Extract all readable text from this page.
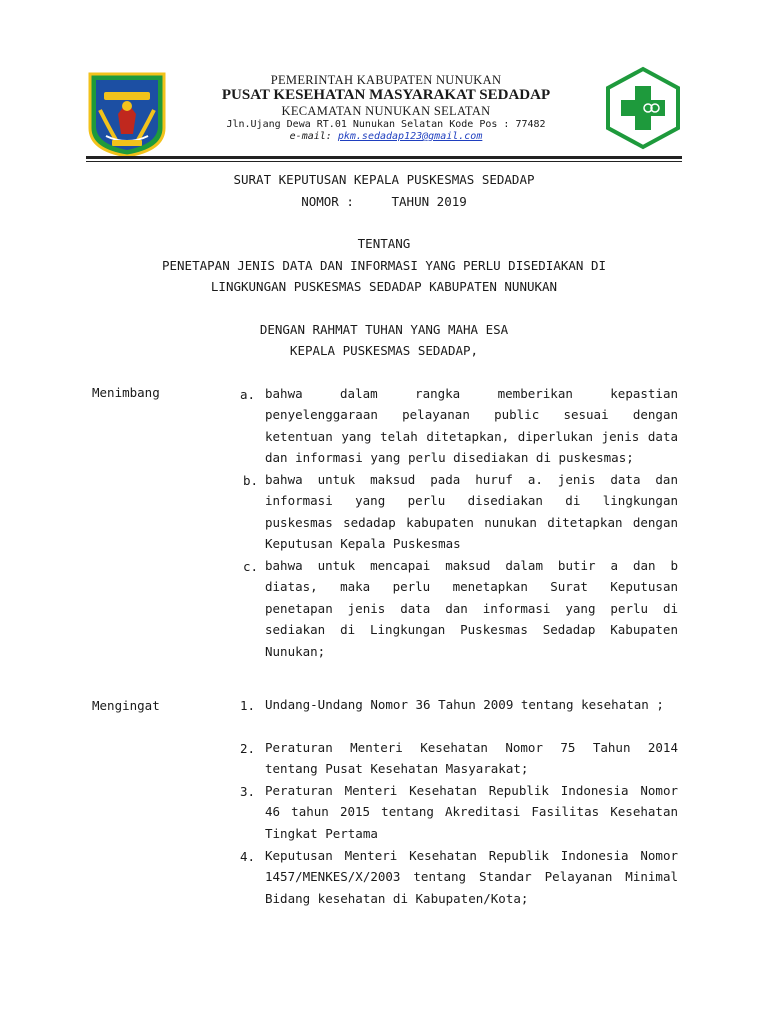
PEMERINTAH KABUPATEN NUNUKAN
PUSAT KESEHATAN MASYARAKAT SEDADAP
KECAMATAN NUNUKAN SELATAN
Jln.Ujang Dewa RT.01 Nunukan Selatan Kode Pos : 77482
e-mail: pkm.sedadap123@gmail.com
SURAT KEPUTUSAN KEPALA PUSKESMAS SEDADAP
NOMOR :     TAHUN 2019
TENTANG
PENETAPAN JENIS DATA DAN INFORMASI YANG PERLU DISEDIAKAN DI
LINGKUNGAN PUSKESMAS SEDADAP KABUPATEN NUNUKAN
DENGAN RAHMAT TUHAN YANG MAHA ESA
KEPALA PUSKESMAS SEDADAP,
Menimbang	a. bahwa dalam rangka memberikan kepastian penyelenggaraan pelayanan public sesuai dengan ketentuan yang telah ditetapkan, diperlukan jenis data dan informasi yang perlu disediakan di puskesmas;
b. bahwa untuk maksud pada huruf a. jenis data dan informasi yang perlu disediakan di lingkungan puskesmas sedadap kabupaten nunukan ditetapkan dengan Keputusan Kepala Puskesmas
c. bahwa untuk mencapai maksud dalam butir a dan b diatas, maka perlu menetapkan Surat Keputusan penetapan jenis data dan informasi yang perlu di sediakan di Lingkungan Puskesmas Sedadap Kabupaten Nunukan;
Mengingat	1. Undang-Undang Nomor 36 Tahun 2009 tentang kesehatan ;
2. Peraturan Menteri Kesehatan Nomor 75 Tahun 2014 tentang Pusat Kesehatan Masyarakat;
3. Peraturan Menteri Kesehatan Republik Indonesia Nomor 46 tahun 2015 tentang Akreditasi Fasilitas Kesehatan Tingkat Pertama
4. Keputusan Menteri Kesehatan Republik Indonesia Nomor 1457/MENKES/X/2003 tentang Standar Pelayanan Minimal Bidang kesehatan di Kabupaten/Kota;
